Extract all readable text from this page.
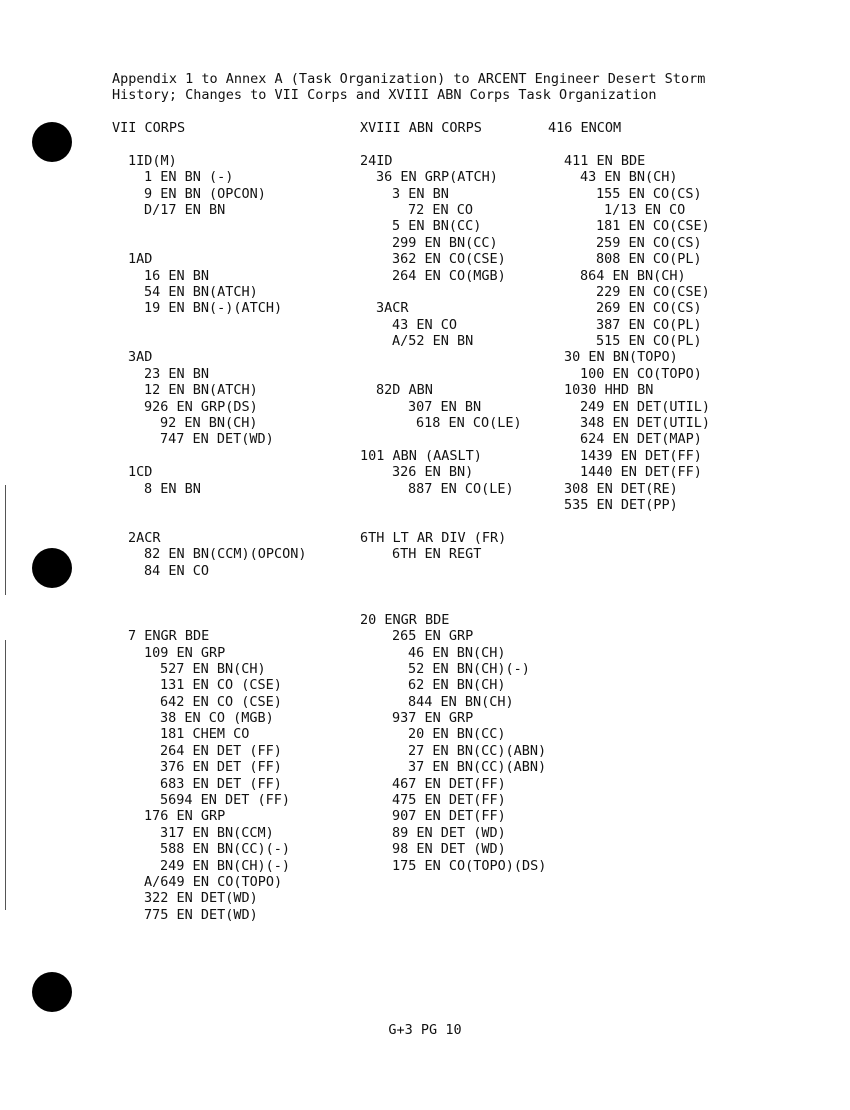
Appendix 1 to Annex A (Task Organization) to ARCENT Engineer Desert Storm
History; Changes to VII Corps and XVIII ABN Corps Task Organization
VII CORPS
1ID(M)
1 EN BN (-)
9 EN BN (OPCON)
D/17 EN BN
1AD
16 EN BN
54 EN BN(ATCH)
19 EN BN(-)(ATCH)
3AD
23 EN BN
12 EN BN(ATCH)
926 EN GRP(DS)
92 EN BN(CH)
747 EN DET(WD)
1CD
8 EN BN
2ACR
82 EN BN(CCM)(OPCON)
84 EN CO
7 ENGR BDE
109 EN GRP
527 EN BN(CH)
131 EN CO (CSE)
642 EN CO (CSE)
38 EN CO (MGB)
181 CHEM CO
264 EN DET (FF)
376 EN DET (FF)
683 EN DET (FF)
5694 EN DET (FF)
176 EN GRP
317 EN BN(CCM)
588 EN BN(CC)(-)
249 EN BN(CH)(-)
A/649 EN CO(TOPO)
322 EN DET(WD)
775 EN DET(WD)
XVIII ABN CORPS
24ID
36 EN GRP(ATCH)
3 EN BN
72 EN CO
5 EN BN(CC)
299 EN BN(CC)
362 EN CO(CSE)
264 EN CO(MGB)
3ACR
43 EN CO
A/52 EN BN
82D ABN
307 EN BN
618 EN CO(LE)
101 ABN (AASLT)
326 EN BN)
887 EN CO(LE)
6TH LT AR DIV (FR)
6TH EN REGT
20 ENGR BDE
265 EN GRP
46 EN BN(CH)
52 EN BN(CH)(-)
62 EN BN(CH)
844 EN BN(CH)
937 EN GRP
20 EN BN(CC)
27 EN BN(CC)(ABN)
37 EN BN(CC)(ABN)
467 EN DET(FF)
475 EN DET(FF)
907 EN DET(FF)
89 EN DET (WD)
98 EN DET (WD)
175 EN CO(TOPO)(DS)
416 ENCOM
411 EN BDE
43 EN BN(CH)
155 EN CO(CS)
1/13 EN CO
181 EN CO(CSE)
259 EN CO(CS)
808 EN CO(PL)
864 EN BN(CH)
229 EN CO(CSE)
269 EN CO(CS)
387 EN CO(PL)
515 EN CO(PL)
30 EN BN(TOPO)
100 EN CO(TOPO)
1030 HHD BN
249 EN DET(UTIL)
348 EN DET(UTIL)
624 EN DET(MAP)
1439 EN DET(FF)
1440 EN DET(FF)
308 EN DET(RE)
535 EN DET(PP)
G+3 PG 10
